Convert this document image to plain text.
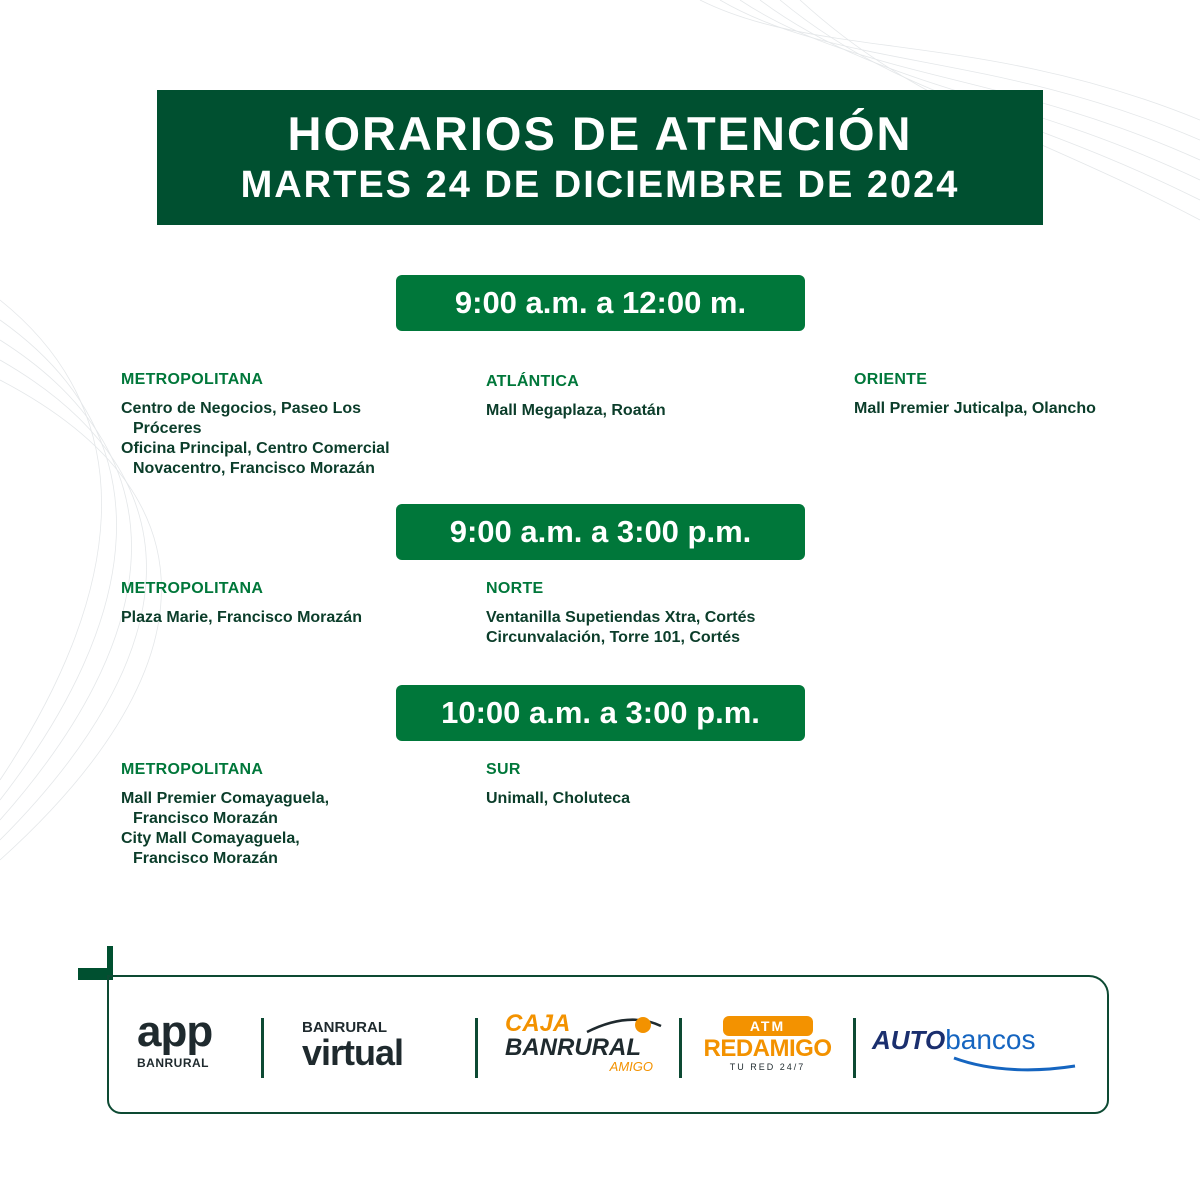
HORARIOS DE ATENCIÓN
MARTES 24 DE DICIEMBRE DE 2024
9:00 a.m. a 12:00 m.
METROPOLITANA
Centro de Negocios, Paseo Los Próceres
Oficina Principal, Centro Comercial Novacentro, Francisco Morazán
ATLÁNTICA
Mall Megaplaza, Roatán
ORIENTE
Mall Premier Juticalpa, Olancho
9:00 a.m. a 3:00 p.m.
METROPOLITANA
Plaza Marie, Francisco Morazán
NORTE
Ventanilla Supetiendas Xtra, Cortés
Circunvalación, Torre 101, Cortés
10:00 a.m. a 3:00 p.m.
METROPOLITANA
Mall Premier Comayaguela, Francisco Morazán
City Mall Comayaguela, Francisco Morazán
SUR
Unimall, Choluteca
app
BANRURAL
BANRURAL
virtual
CAJA
BANRURAL
AMIGO
ATM
REDAMIGO
TU RED 24/7
AUTObancos
